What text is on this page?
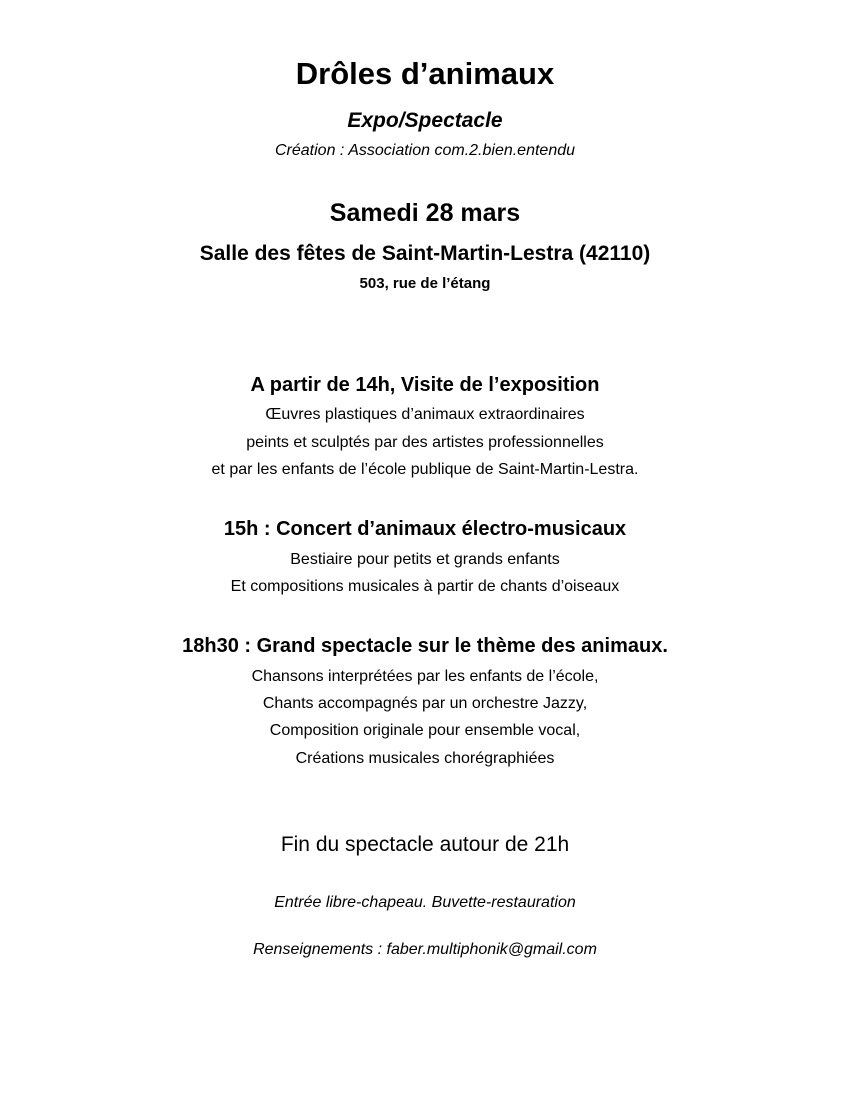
Drôles d’animaux
Expo/Spectacle
Création : Association com.2.bien.entendu
Samedi 28 mars
Salle des fêtes de Saint-Martin-Lestra (42110)
503, rue de l’étang
A partir de 14h, Visite de l’exposition
Œuvres plastiques d’animaux extraordinaires
peints et sculptés par des artistes professionnelles
et par les enfants de l’école publique de Saint-Martin-Lestra.
15h : Concert d’animaux électro-musicaux
Bestiaire pour petits et grands enfants
Et compositions musicales à partir de chants d’oiseaux
18h30 : Grand spectacle sur le thème des animaux.
Chansons interprétées par les enfants de l’école,
Chants accompagnés par un orchestre Jazzy,
Composition originale pour ensemble vocal,
Créations musicales chorégraphiées
Fin du spectacle autour de 21h
Entrée libre-chapeau. Buvette-restauration
Renseignements : faber.multiphonik@gmail.com
